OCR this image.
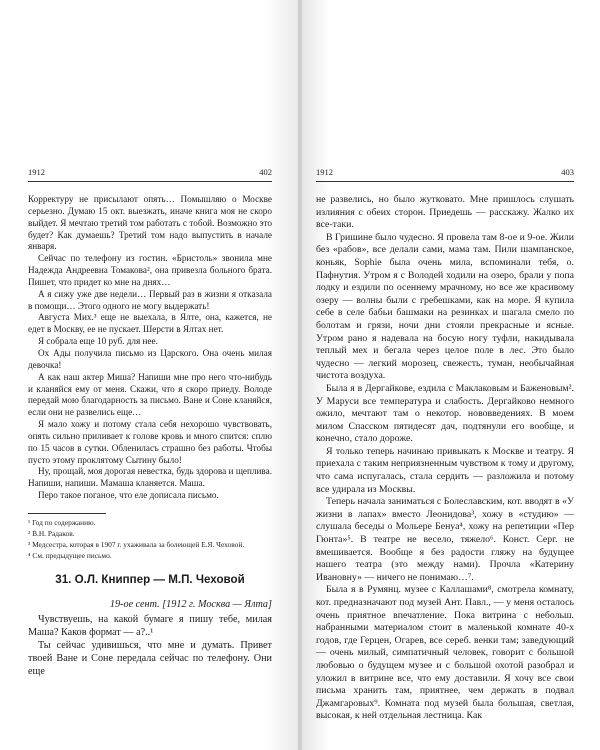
1912	402

Корректуру не присылают опять… Помышляю о Москве серьезно. Думаю 15 окт. выезжать, иначе книга моя не скоро выйдет. Я мечтаю третий том работать с тобой. Возможно это будет? Как думаешь? Третий том надо выпустить в начале января.

Сейчас по телефону из гостин. «Бристоль» звонила мне Надежда Андреевна Томакова², она привезла больного брата. Пишет, что придет ко мне на днях…

А я сижу уже две недели… Первый раз в жизни я отказала в помощи… Этого одного не могу выдержать!

Августа Мих.³ еще не выехала, в Ялте, она, кажется, не едет в Москву, ее не пускает. Шерсти в Ялтах нет.

Я собрала еще 10 руб. для нее.

Ох Ады получила письмо из Царского. Она очень милая девочка!

А как наш актер Миша? Напиши мне про него что-нибудь и кланяйся ему от меня. Скажи, что я скоро приеду. Володе передай мою благодарность за письмо. Ване и Соне кланяйся, если они не развелись еще…

Я мало хожу и потому стала себя нехорошо чувствовать, опять сильно приливает к голове кровь и много спится: сплю по 15 часов в сутки. Облениласъ страшно без работы. Чтобы пусто этому проклятому Сытину было!

Ну, прощай, моя дорогая невестка, будь здорова и щеплива. Напиши, напиши. Мамаша кланяется. Маша.

Перо такое поганое, что еле дописала письмо.

¹ Год по содержанию.

² В.Н. Радаков.

³ Медсестра, которая в 1907 г. ухаживала за болеющей Е.Я. Чеховой.

⁴ См. предыдущее письмо.

31. О.Л. Книппер — М.П. Чеховой
19-ое сент. [1912 г. Москва — Ялта]

Чувствуешь, на какой бумаге я пишу тебе, милая Маша? Каков формат — а?..¹

Ты сейчас удивишься, что мне и думать. Привет твоей Ване и Соне передала сейчас по телефону. Они еще

1912	403

не развелись, но было жутковато. Мне пришлось слушать излияния с обеих сторон. Приедешь — расскажу. Жалко их все-таки.

В Гришине было чудесно. Я провела там 8-ое и 9-ое. Жили без «рабов», все делали сами, мама там. Пили шампанское, коньяк, Sophie была очень мила, вспоминали тебя, о. Пафнутия. Утром я с Володей ходили на озеро, брали у попа лодку и ездили по осеннему мрачному, но все же красивому озеру — волны были с гребешками, как на море. Я купила себе в селе бабьи башмаки на резинках и шагала смело по болотам и грязи, ночи дни стояли прекрасные и ясные. Утром рано я надевала на босую ногу туфли, накидывала теплый мех и бегала через целое поле в лес. Это было чудесно — легкий морозец, свежесть, туман, необычайная чистота воздуха.

Была я в Дергайкове, ездила с Маклаковым и Баженовым². У Маруси все температура и слабость. Дергайково немного ожило, мечтают там о некотор. нововведениях. В моем милом Спасском пятидесят дач, подтянули его вообще, и конечно, стало дороже.

Я только теперь начинаю привыкать к Москве и театру. Я приехала с таким неприязненным чувством к тому и другому, что сама испугалась, стала сердить — разложила и потому все удирала из Москвы.

Теперь начала заниматься с Болеславским, кот. вводят в «У жизни в лапах» вместо Леонидова³, хожу в «студию» — слушала беседы о Мольере Бенуа⁴, хожу на репетиции «Пер Гюнта»⁵. В театре не весело, тяжело⁶. Конст. Серг. не вмешивается. Вообще я без радости гляжу на будущее нашего театра (это между нами). Прочла «Катерину Ивановну» — ничего не понимаю…⁷.

Была я в Румянц. музее с Каллашами⁸, смотрела комнату, кот. предназначают под музей Ант. Павл., — у меня осталось очень приятное впечатление. Пока витрина с небольш. набранными материалом стоит в маленькой комнате 40-х годов, где Герцен, Огарев, все сереб. венки там; заведующий — очень милый, симпатичный человек, говорит с большой любовью о будущем музее и с большой охотой разобрал и уложил в витрине все, что ему доставили. Я хочу все свои письма хранить там, приятнее, чем держать в подвал Джамгаровых⁹. Комната под музей была большая, светлая, высокая, к ней отдельная лестница. Как
